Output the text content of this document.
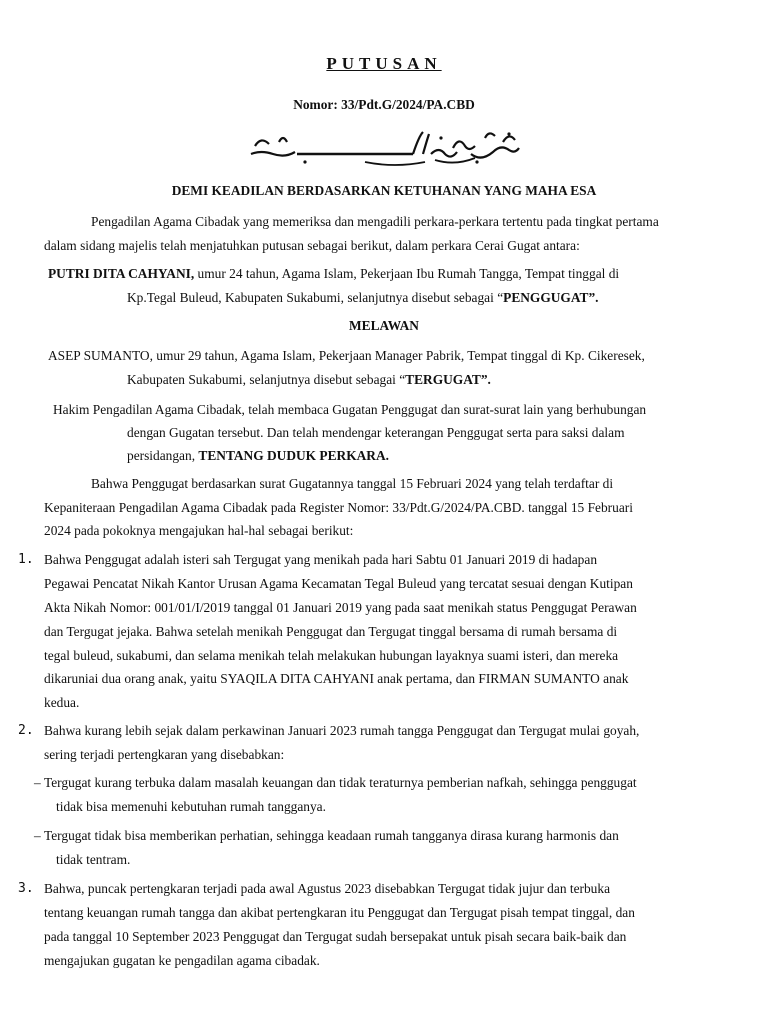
PUTUSAN
Nomor: 33/Pdt.G/2024/PA.CBD
DEMI KEADILAN BERDASARKAN KETUHANAN YANG MAHA ESA
Pengadilan Agama Cibadak yang memeriksa dan mengadili perkara-perkara tertentu pada tingkat pertama
dalam sidang majelis telah menjatuhkan putusan sebagai berikut, dalam perkara Cerai Gugat antara:
PUTRI DITA CAHYANI, umur 24 tahun, Agama Islam, Pekerjaan Ibu Rumah Tangga, Tempat tinggal di
Kp.Tegal Buleud, Kabupaten Sukabumi, selanjutnya disebut sebagai “PENGGUGAT”.
MELAWAN
ASEP SUMANTO, umur 29 tahun, Agama Islam, Pekerjaan Manager Pabrik, Tempat tinggal di Kp. Cikeresek,
Kabupaten Sukabumi, selanjutnya disebut sebagai “TERGUGAT”.
Hakim Pengadilan Agama Cibadak, telah membaca Gugatan Penggugat dan surat-surat lain yang berhubungan
dengan Gugatan tersebut. Dan telah mendengar keterangan Penggugat serta para saksi dalam
persidangan, TENTANG DUDUK PERKARA.
Bahwa Penggugat berdasarkan surat Gugatannya tanggal 15 Februari 2024 yang telah terdaftar di
Kepaniteraan Pengadilan Agama Cibadak pada Register Nomor: 33/Pdt.G/2024/PA.CBD. tanggal 15 Februari
2024 pada pokoknya mengajukan hal-hal sebagai berikut:
1. Bahwa Penggugat adalah isteri sah Tergugat yang menikah pada hari Sabtu 01 Januari 2019 di hadapan
Pegawai Pencatat Nikah Kantor Urusan Agama Kecamatan Tegal Buleud yang tercatat sesuai dengan Kutipan
Akta Nikah Nomor: 001/01/I/2019 tanggal 01 Januari 2019 yang pada saat menikah status Penggugat Perawan
dan Tergugat jejaka. Bahwa setelah menikah Penggugat dan Tergugat tinggal bersama di rumah bersama di
tegal buleud, sukabumi, dan selama menikah telah melakukan hubungan layaknya suami isteri, dan mereka
dikaruniai dua orang anak, yaitu SYAQILA DITA CAHYANI anak pertama, dan FIRMAN SUMANTO anak
kedua.
2. Bahwa kurang lebih sejak dalam perkawinan Januari 2023 rumah tangga Penggugat dan Tergugat mulai goyah,
sering terjadi pertengkaran yang disebabkan:
– Tergugat kurang terbuka dalam masalah keuangan dan tidak teraturnya pemberian nafkah, sehingga penggugat
tidak bisa memenuhi kebutuhan rumah tangganya.
– Tergugat tidak bisa memberikan perhatian, sehingga keadaan rumah tangganya dirasa kurang harmonis dan
tidak tentram.
3. Bahwa, puncak pertengkaran terjadi pada awal Agustus 2023 disebabkan Tergugat tidak jujur dan terbuka
tentang keuangan rumah tangga dan akibat pertengkaran itu Penggugat dan Tergugat pisah tempat tinggal, dan
pada tanggal 10 September 2023 Penggugat dan Tergugat sudah bersepakat untuk pisah secara baik-baik dan
mengajukan gugatan ke pengadilan agama cibadak.
